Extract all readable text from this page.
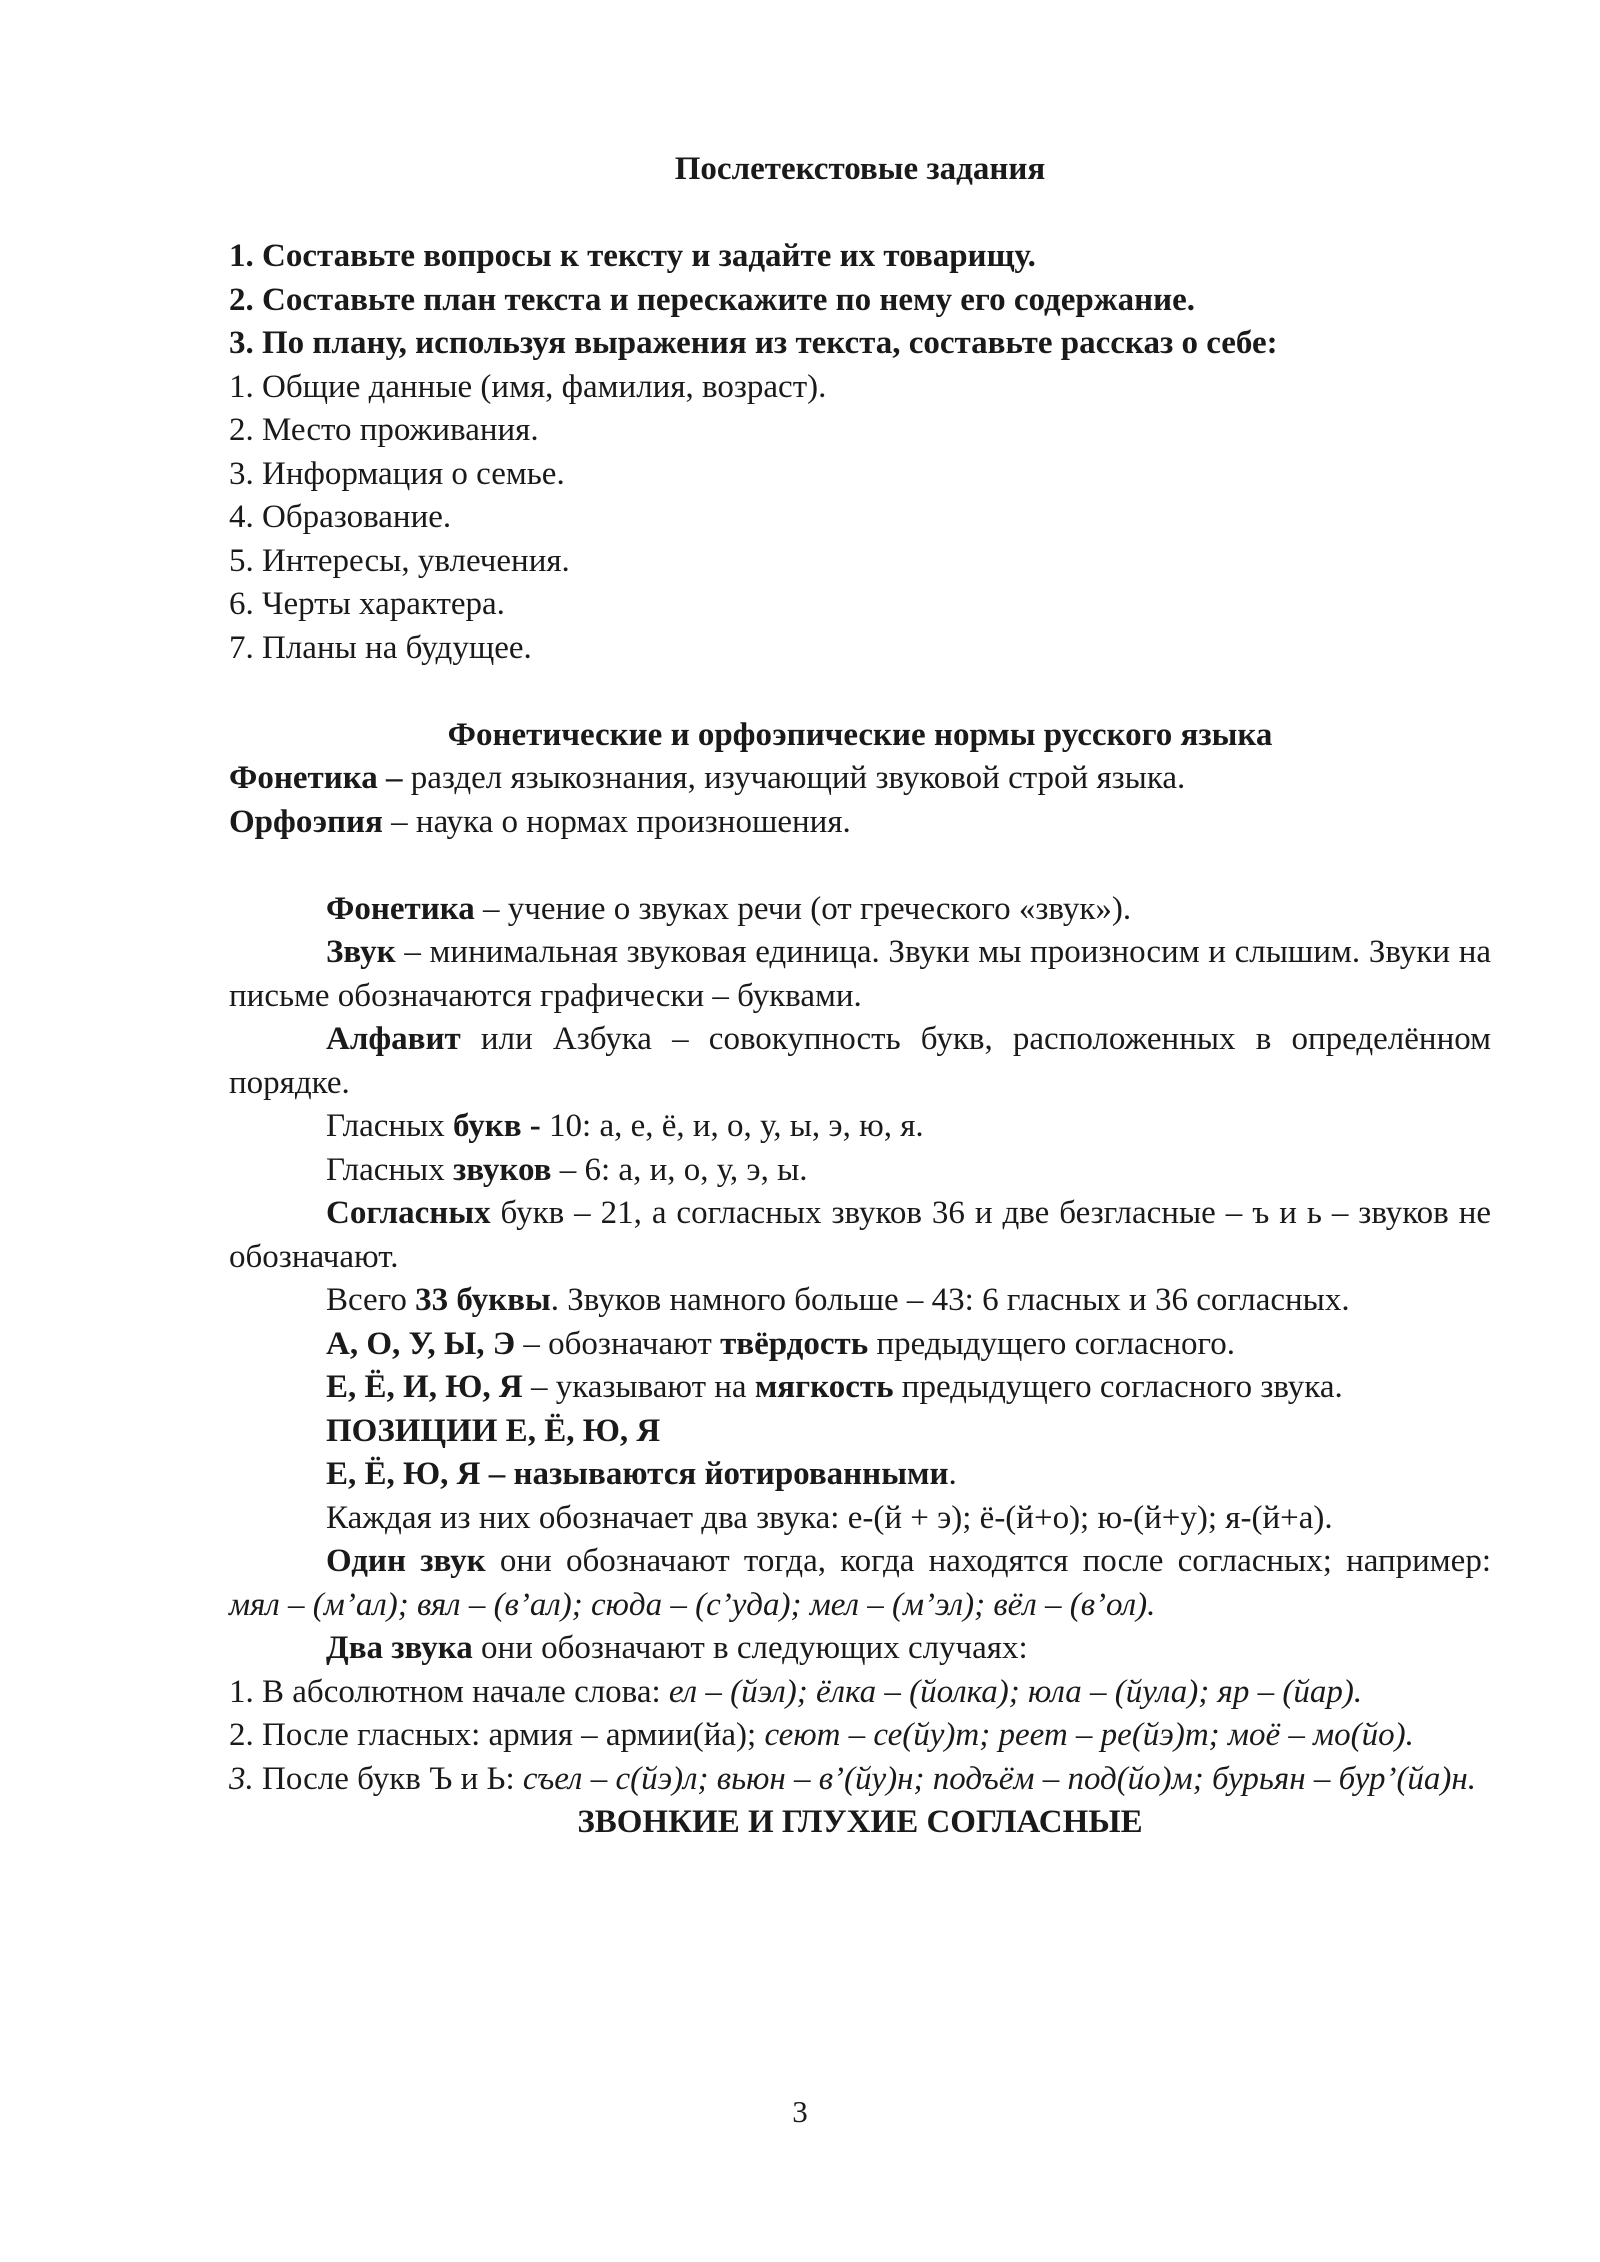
Послетекстовые задания
1. Составьте вопросы к тексту и задайте их товарищу.
2. Составьте план текста и перескажите по нему его содержание.
3. По плану, используя выражения из текста, составьте рассказ о себе:
1. Общие данные (имя, фамилия, возраст).
2. Место проживания.
3. Информация о семье.
4. Образование.
5. Интересы, увлечения.
6. Черты характера.
7. Планы на будущее.
Фонетические и орфоэпические нормы русского языка
Фонетика – раздел языкознания, изучающий звуковой строй языка.
Орфоэпия – наука о нормах произношения.
Фонетика – учение о звуках речи (от греческого «звук»).
Звук – минимальная звуковая единица. Звуки мы произносим и слышим. Звуки на письме обозначаются графически – буквами.
Алфавит или Азбука – совокупность букв, расположенных в определённом порядке.
Гласных букв - 10: а, е, ё, и, о, у, ы, э, ю, я.
Гласных звуков – 6: а, и, о, у, э, ы.
Согласных букв – 21, а согласных звуков 36 и две безгласные – ъ и ь – звуков не обозначают.
Всего 33 буквы. Звуков намного больше – 43: 6 гласных и 36 согласных.
А, О, У, Ы, Э – обозначают твёрдость предыдущего согласного.
Е, Ё, И, Ю, Я – указывают на мягкость предыдущего согласного звука.
ПОЗИЦИИ Е, Ё, Ю, Я
Е, Ё, Ю, Я – называются йотированными.
Каждая из них обозначает два звука: е-(й + э); ё-(й+о); ю-(й+у); я-(й+а).
Один звук они обозначают тогда, когда находятся после согласных; например: мял – (м’ал); вял – (в’ал); сюда – (с’уда); мел – (м’эл); вёл – (в’ол).
Два звука они обозначают в следующих случаях:
1. В абсолютном начале слова: ел – (йэл); ёлка – (йолка); юла – (йула); яр – (йар).
2. После гласных: армия – армии(йа); сеют – се(йу)т; реет – ре(йэ)т; моё – мо(йо).
3. После букв Ъ и Ь: съел – с(йэ)л; вьюн – в’(йу)н; подъём – под(йо)м; бурьян – бур’(йа)н.
ЗВОНКИЕ И ГЛУХИЕ СОГЛАСНЫЕ
3
